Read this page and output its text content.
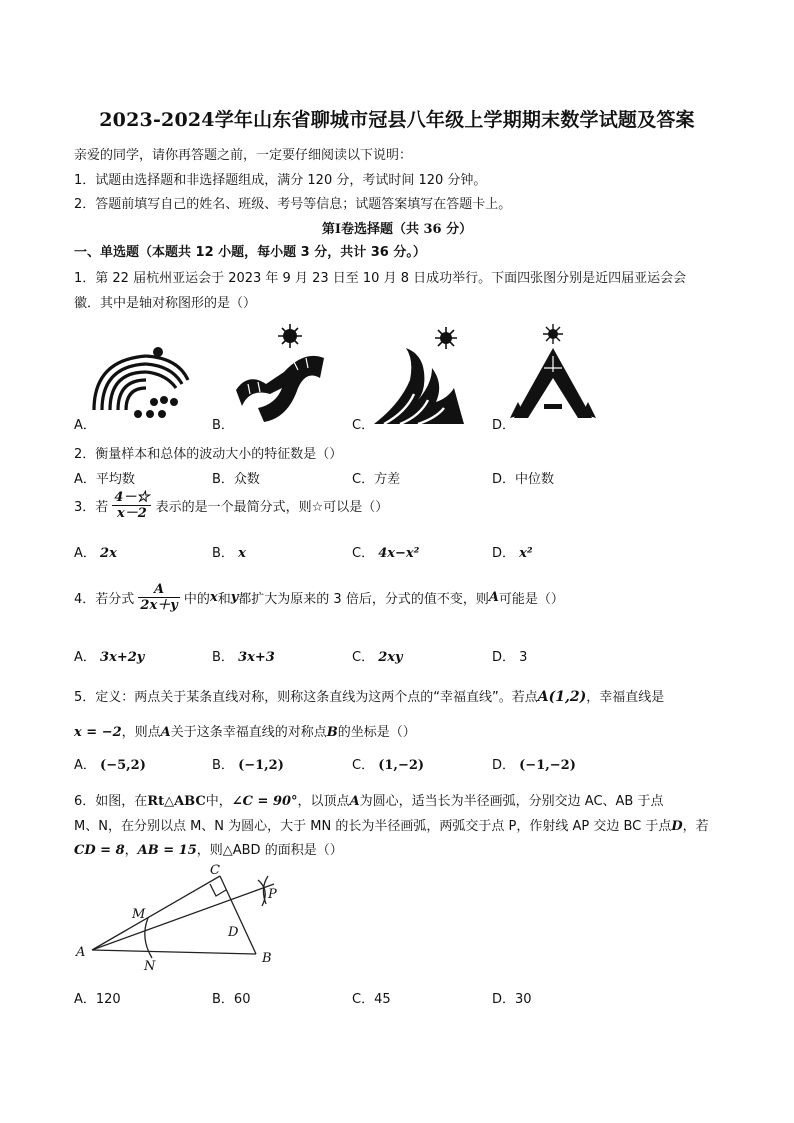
2023-2024学年山东省聊城市冠县八年级上学期期末数学试题及答案
亲爱的同学，请你再答题之前，一定要仔细阅读以下说明：
1．试题由选择题和非选择题组成，满分 120 分，考试时间 120 分钟。
2．答题前填写自己的姓名、班级、考号等信息；试题答案填写在答题卡上。
第Ⅰ卷选择题（共 36 分）
一、单选题（本题共 12 小题，每小题 3 分，共计 36 分。）
1．第 22 届杭州亚运会于 2023 年 9 月 23 日至 10 月 8 日成功举行。下面四张图分别是近四届亚运会会
徽．其中是轴对称图形的是（）
A．	B．	C．	D．
2．衡量样本和总体的波动大小的特征数是（）
A．平均数	B．众数	C．方差	D．中位数
3．若 $\frac{4-☆}{x-2}$ 表示的是一个最简分式，则☆可以是（）
A． 2x	B． x	C． 4x−x²	D． x²
4．若分式 $\frac{A}{2x+y}$ 中的x和y都扩大为原来的 3 倍后，分式的值不变，则A可能是（）
A． 3x+2y	B． 3x+3	C． 2xy	D． 3
5．定义：两点关于某条直线对称，则称这条直线为这两个点的“幸福直线”。若点A(1,2)，幸福直线是
x = −2，则点A关于这条幸福直线的对称点B的坐标是（）
A． (−5,2)	B． (−1,2)	C． (1,−2)	D． (−1,−2)
6．如图，在Rt△ABC中，∠C = 90°，以顶点A为圆心，适当长为半径画弧，分别交边 AC、AB 于点
M、N，在分别以点 M、N 为圆心，大于 MN 的长为半径画弧，两弧交于点 P，作射线 AP 交边 BC 于点D，若
CD = 8，AB = 15，则△ABD 的面积是（）
A
C
M
N
D
P
B
A．120	B．60	C．45	D．30
